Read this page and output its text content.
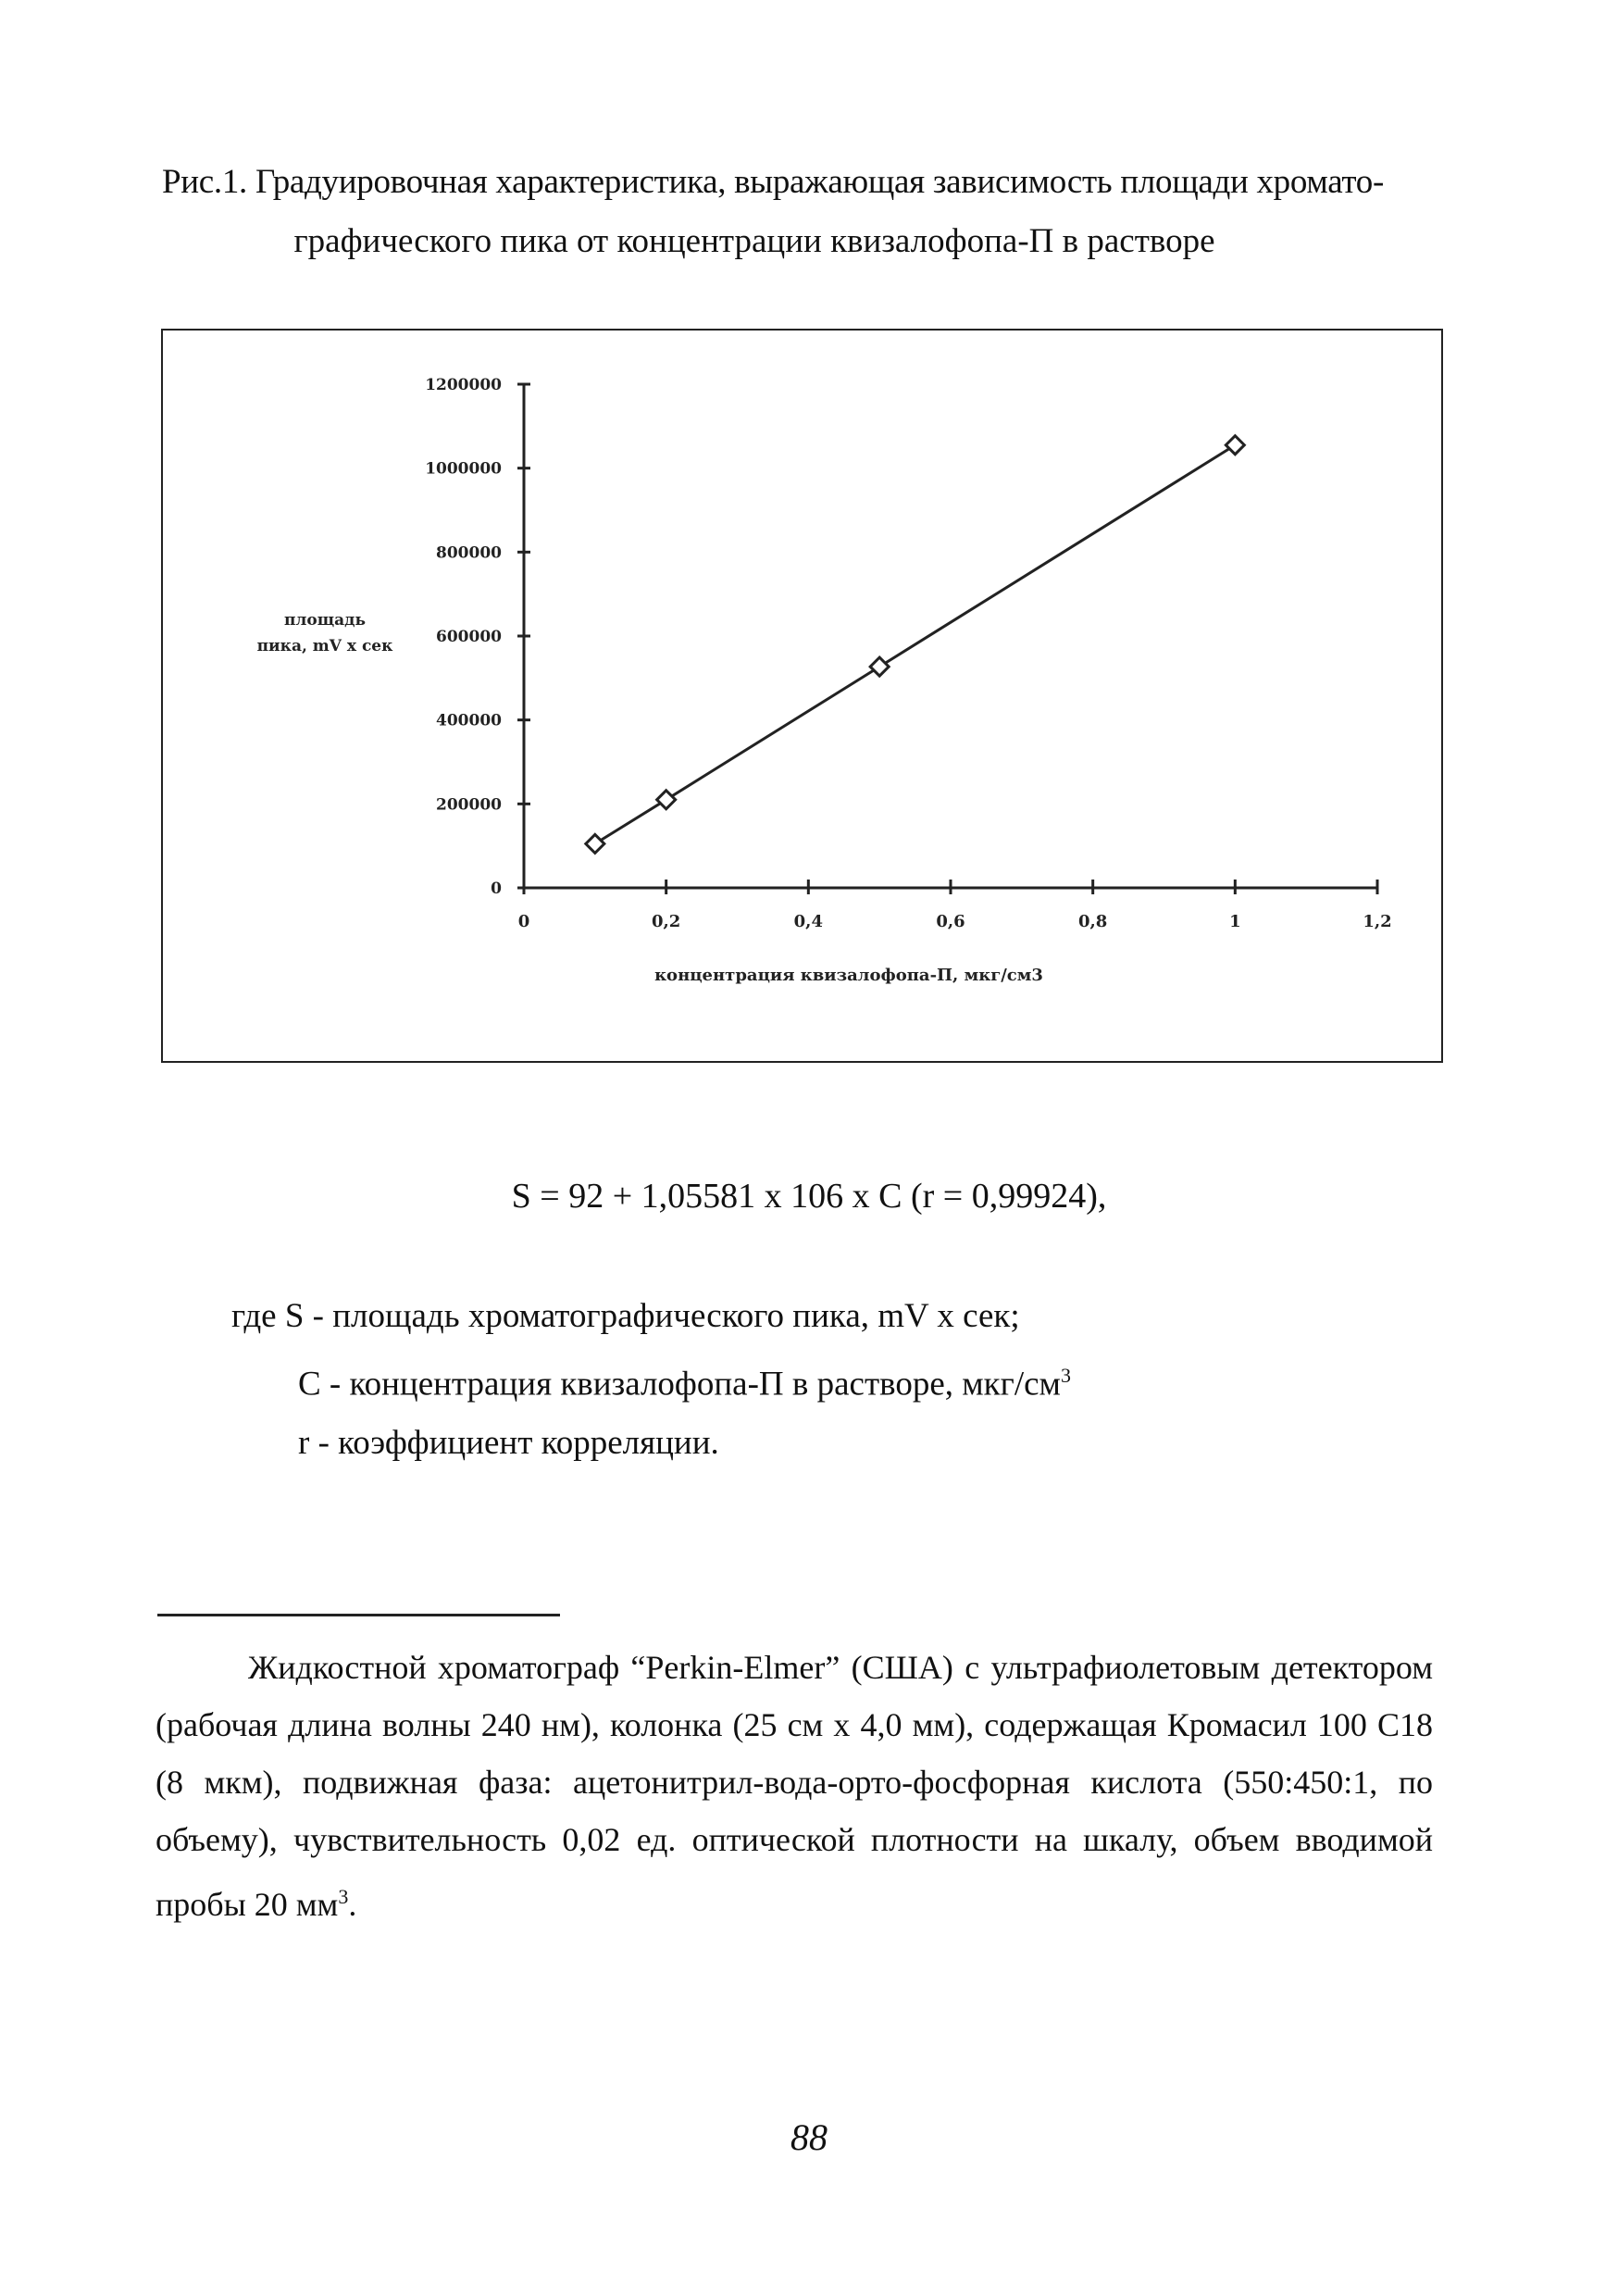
Рис.1. Градуировочная характеристика, выражающая зависимость площади хромато-
графического пика от концентрации квизалофопа-П в растворе
0
200000
400000
600000
800000
1000000
1200000
0	0,2	0,4	0,6	0,8	1	1,2
площадь
пика, mV x сек
концентрация квизалофопа-П, мкг/см3
S = 92 + 1,05581 x 106 x C (r = 0,99924),
где S - площадь хроматографического пика, mV x сек;
C - концентрация квизалофопа-П в растворе, мкг/$см^3$
r - коэффициент корреляции.
Жидкостной хроматограф “Perkin-Elmer” (США) с ультрафиолетовым детектором (рабочая длина волны 240 нм), колонка (25 см х 4,0 мм), содержащая Кромасил 100 С18 (8 мкм), подвижная фаза: ацетонитрил-вода-орто-фосфорная кислота (550:450:1, по объему), чувствительность 0,02 ед. оптической плотности на шкалу, объем вводимой пробы 20 $мм^3$.
88
